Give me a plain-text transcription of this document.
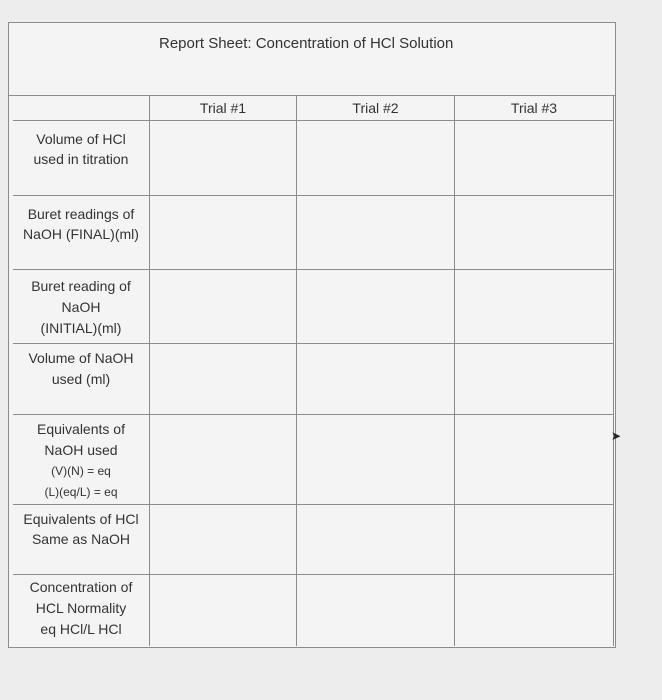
Report Sheet: Concentration of HCl Solution
Trial #1	Trial #2	Trial #3
Volume of HCl
used in titration
Buret readings of
NaOH (FINAL)(ml)
Buret reading of
NaOH
(INITIAL)(ml)
Volume of NaOH
used (ml)
Equivalents of
NaOH used
(V)(N) = eq
(L)(eq/L) = eq
Equivalents of HCl
Same as NaOH
Concentration of
HCL Normality
eq HCl/L HCl
➤
